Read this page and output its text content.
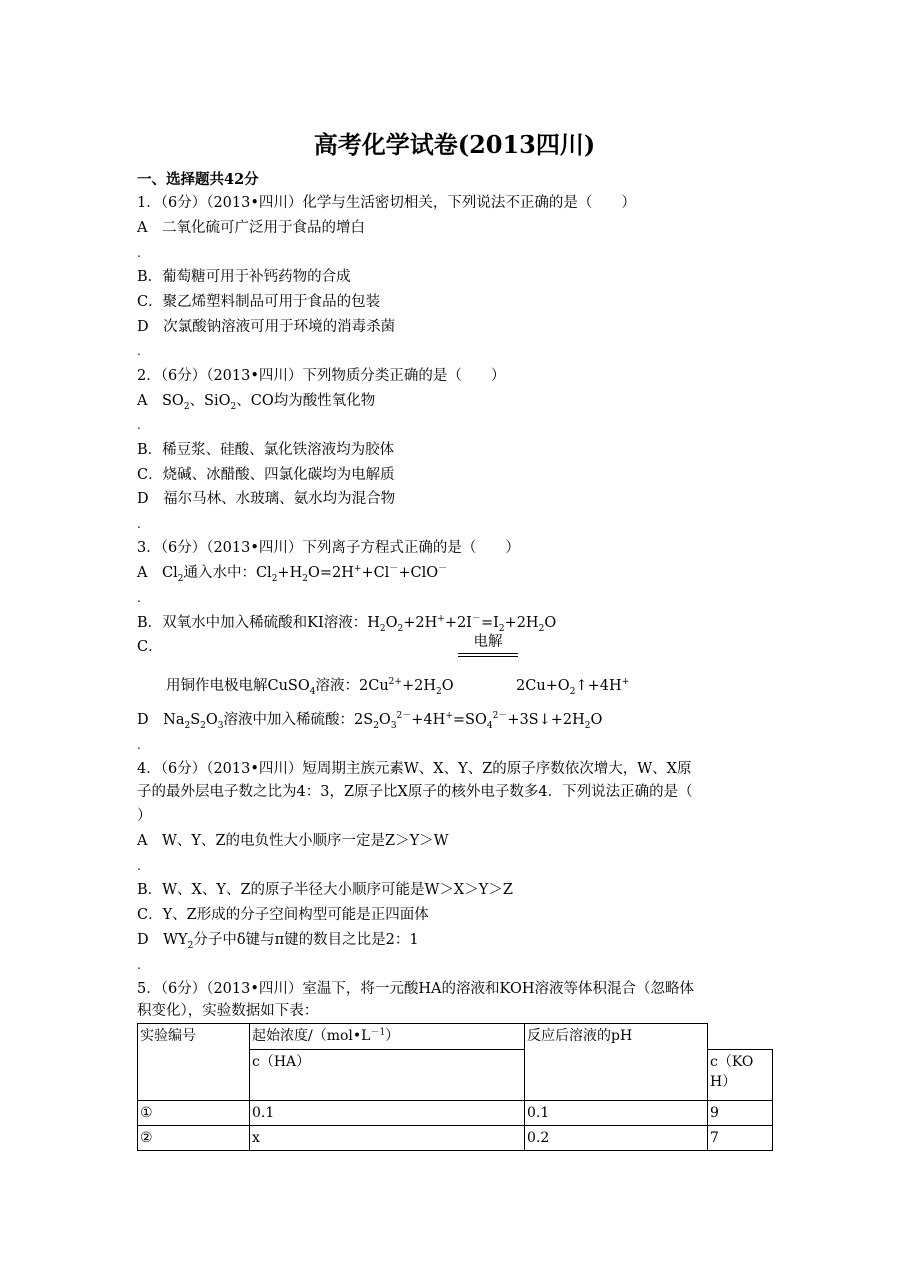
高考化学试卷(2013四川)
一、选择题共42分
1．（6分）（2013•四川）化学与生活密切相关，下列说法不正确的是（　　）
A　二氧化硫可广泛用于食品的增白
.
B．葡萄糖可用于补钙药物的合成
C．聚乙烯塑料制品可用于食品的包装
D　次氯酸钠溶液可用于环境的消毒杀菌
.
2．（6分）（2013•四川）下列物质分类正确的是（　　）
A　$SO_2$、SiO$_2$、CO均为酸性氧化物
.
B．稀豆浆、硅酸、氯化铁溶液均为胶体
C．烧碱、冰醋酸、四氯化碳均为电解质
D　福尔马林、水玻璃、氨水均为混合物
.
3．（6分）（2013•四川）下列离子方程式正确的是（　　）
A　$Cl_2$通入水中：$Cl_2+H_2O=2H^++Cl^-+ClO^-$
.
B．双氧水中加入稀硫酸和KI溶液：$H_2O_2+2H^++2I^-=I_2+2H_2O$
C．	电解
用铜作电极电解CuSO$_4$溶液：$2Cu^{2+}+2H_2O$	$2Cu+O_2↑+4H^+$
D　$Na_2S_2O_3$溶液中加入稀硫酸：$2S_2O_3^{2-}+4H^+=SO_4^{2-}+3S↓+2H_2O$
.
4．（6分）（2013•四川）短周期主族元素W、X、Y、Z的原子序数依次增大，W、X原
子的最外层电子数之比为4：3，Z原子比X原子的核外电子数多4．下列说法正确的是（
）
A　W、Y、Z的电负性大小顺序一定是Z＞Y＞W
.
B．W、X、Y、Z的原子半径大小顺序可能是W＞X＞Y＞Z
C．Y、Z形成的分子空间构型可能是正四面体
D　$WY_2$分子中δ键与π键的数目之比是2：1
.
5．（6分）（2013•四川）室温下，将一元酸HA的溶液和KOH溶液等体积混合（忽略体
积变化），实验数据如下表：
实验编号	起始浓度$/(mol•L^{-1})$	反应后溶液的pH	
	c（HA）		c（KOH）
①	0.1	0.1	9
②	x	0.2	7
